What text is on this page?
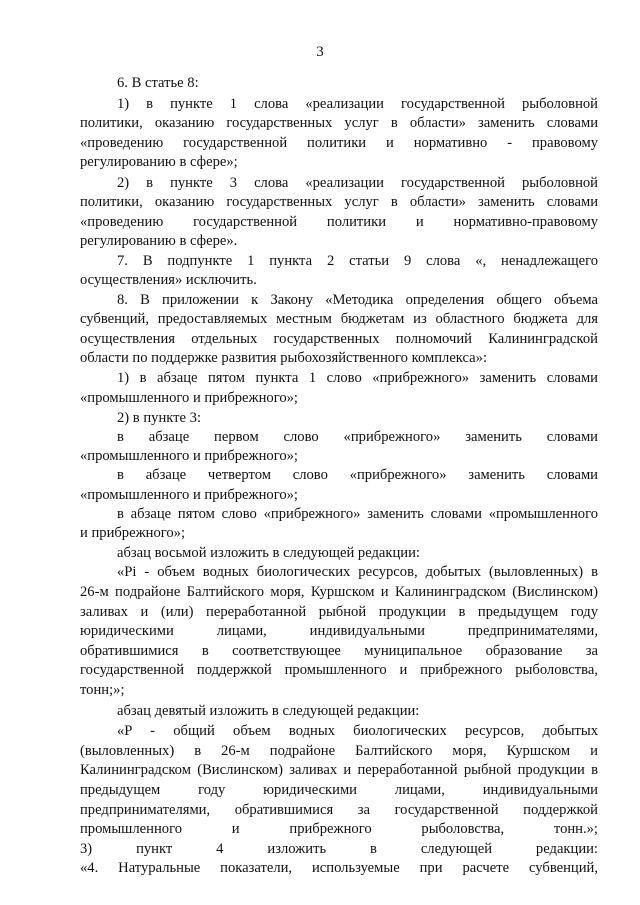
3
6. В статье 8:
1) в пункте 1 слова «реализации государственной рыболовной
политики, оказанию государственных услуг в области» заменить словами
«проведению государственной политики и нормативно - правовому
регулированию в сфере»;
2) в пункте 3 слова «реализации государственной рыболовной
политики, оказанию государственных услуг в области» заменить словами
«проведению государственной политики и нормативно-правовому
регулированию в сфере».
7. В подпункте 1 пункта 2 статьи 9 слова «, ненадлежащего
осуществления» исключить.
8. В приложении к Закону «Методика определения общего объема
субвенций, предоставляемых местным бюджетам из областного бюджета для
осуществления отдельных государственных полномочий Калининградской
области по поддержке развития рыбохозяйственного комплекса»:
1) в абзаце пятом пункта 1 слово «прибрежного» заменить словами
«промышленного и прибрежного»;
2) в пункте 3:
в абзаце первом слово «прибрежного» заменить словами
«промышленного и прибрежного»;
в абзаце четвертом слово «прибрежного» заменить словами
«промышленного и прибрежного»;
в абзаце пятом слово «прибрежного» заменить словами «промышленного
и прибрежного»;
абзац восьмой изложить в следующей редакции:
«Pi - объем водных биологических ресурсов, добытых (выловленных) в
26-м подрайоне Балтийского моря, Куршском и Калининградском (Вислинском)
заливах и (или) переработанной рыбной продукции в предыдущем году
юридическими лицами, индивидуальными предпринимателями,
обратившимися в соответствующее муниципальное образование за
государственной поддержкой промышленного и прибрежного рыболовства,
тонн;»;
абзац девятый изложить в следующей редакции:
«P - общий объем водных биологических ресурсов, добытых
(выловленных) в 26-м подрайоне Балтийского моря, Куршском и
Калининградском (Вислинском) заливах и переработанной рыбной продукции в
предыдущем году юридическими лицами, индивидуальными
предпринимателями, обратившимися за государственной поддержкой
промышленного и прибрежного рыболовства, тонн.»;
3) пункт 4 изложить в следующей редакции:
«4. Натуральные показатели, используемые при расчете субвенций,
